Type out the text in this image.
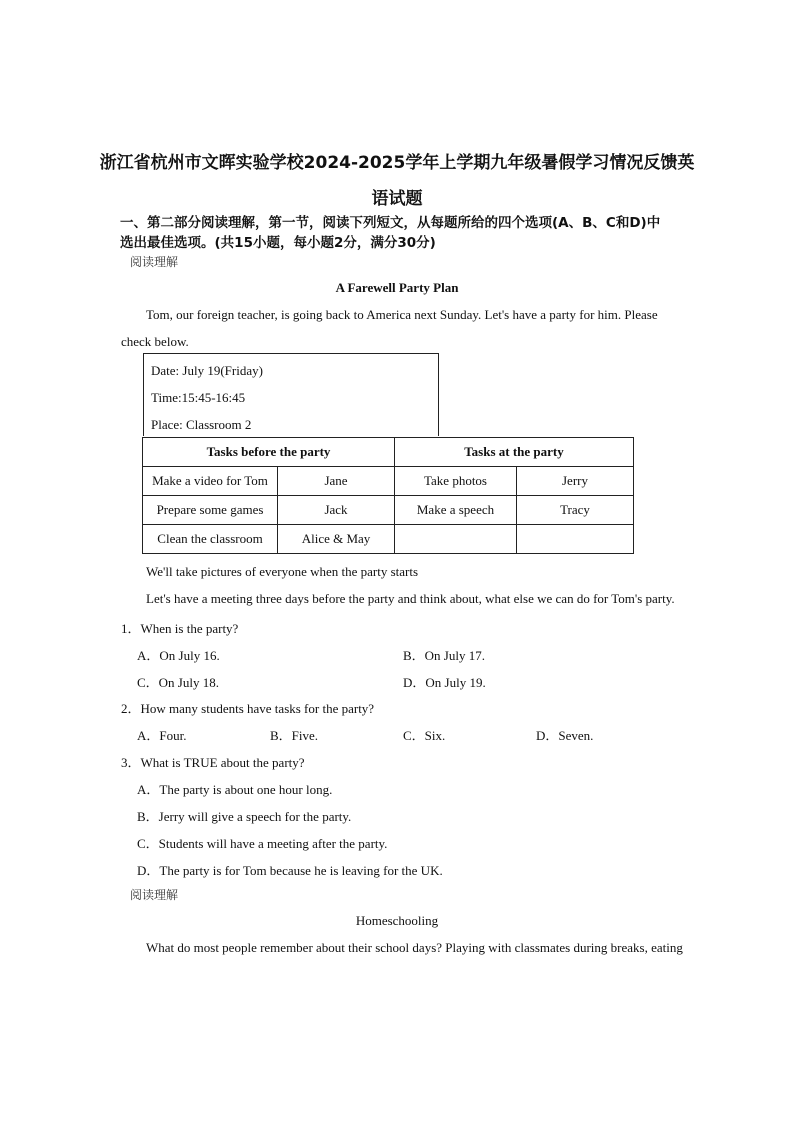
浙江省杭州市文晖实验学校2024-2025学年上学期九年级暑假学习情况反馈英
语试题
一、第二部分阅读理解，第一节，阅读下列短文，从每题所给的四个选项(A、B、C和D)中
选出最佳选项。(共15小题，每小题2分，满分30分)
阅读理解
A Farewell Party Plan
Tom, our foreign teacher, is going back to America next Sunday. Let's have a party for him. Please
check below.
Date: July 19(Friday)
Time:15:45-16:45
Place: Classroom 2
Tasks before the party		Tasks at the party	
Make a video for Tom	Jane	Take photos	Jerry
Prepare some games	Jack	Make a speech	Tracy
Clean the classroom	Alice & May		
We'll take pictures of everyone when the party starts
Let's have a meeting three days before the party and think about, what else we can do for Tom's party.
1．When is the party?
A．On July 16.	B．On July 17.
C．On July 18.	D．On July 19.
2．How many students have tasks for the party?
A．Four.	B．Five.	C．Six.	D．Seven.
3．What is TRUE about the party?
A．The party is about one hour long.
B．Jerry will give a speech for the party.
C．Students will have a meeting after the party.
D．The party is for Tom because he is leaving for the UK.
阅读理解
Homeschooling
What do most people remember about their school days? Playing with classmates during breaks, eating
